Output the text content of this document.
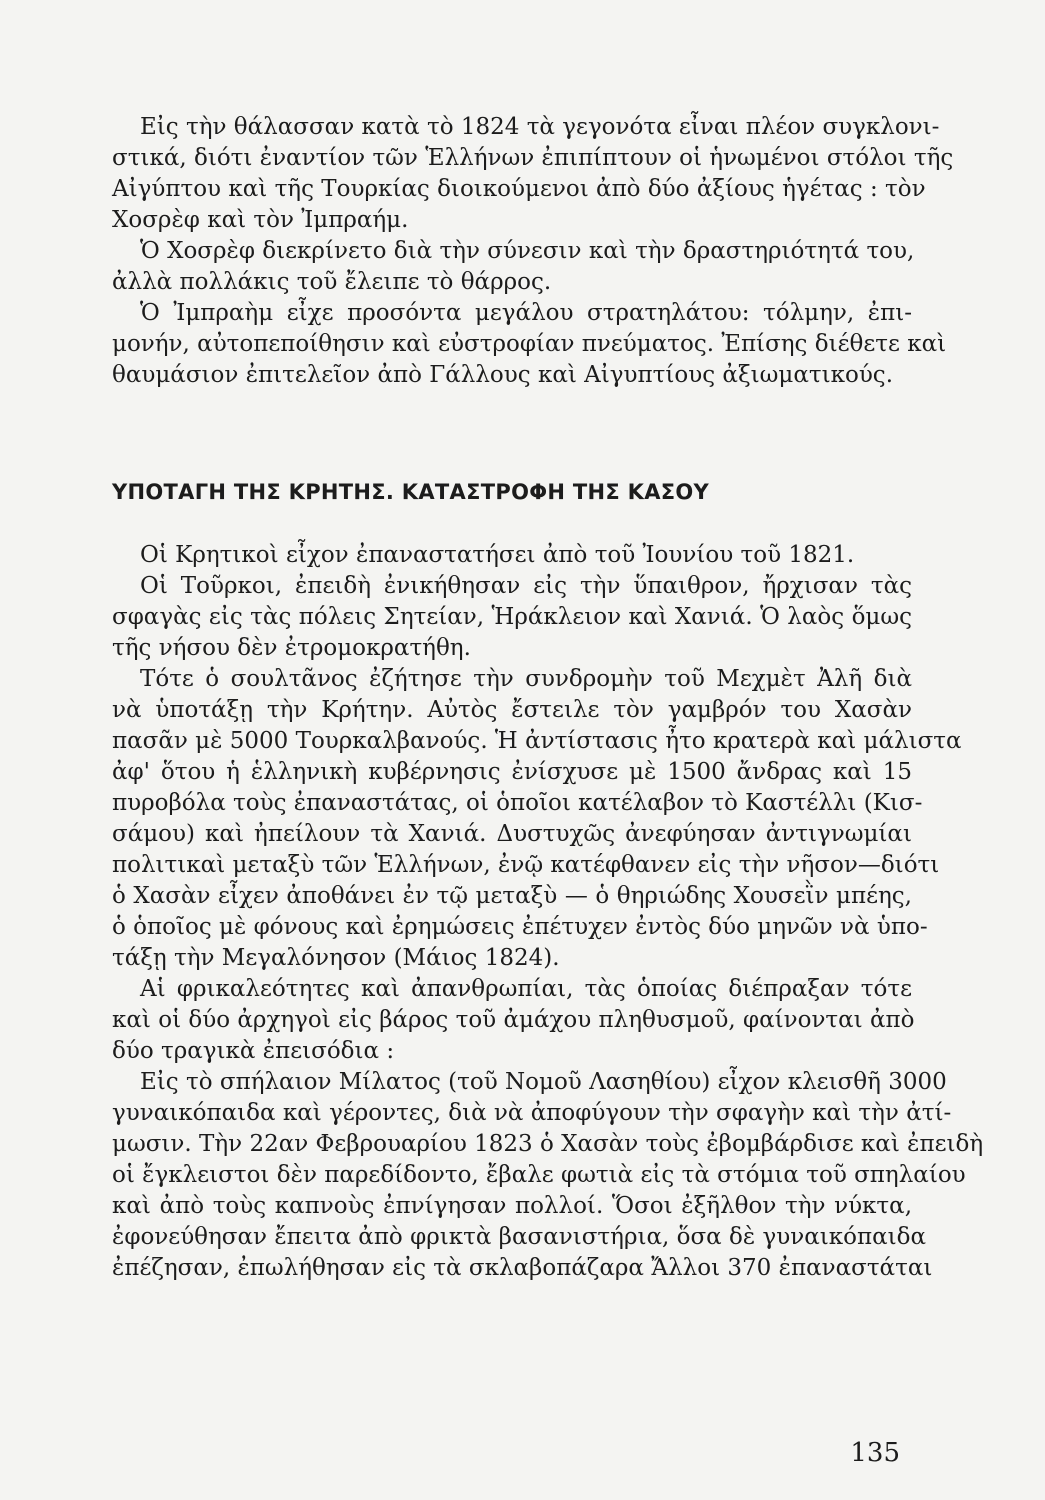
Εἰς τὴν θάλασσαν κατὰ τὸ 1824 τὰ γεγονότα εἶναι πλέον συγκλονι-
στικά, διότι ἐναντίον τῶν Ἑλλήνων ἐπιπίπτουν οἱ ἡνωμένοι στόλοι τῆς
Αἰγύπτου καὶ τῆς Τουρκίας διοικούμενοι ἀπὸ δύο ἀξίους ἡγέτας : τὸν
Χοσρὲφ καὶ τὸν Ἰμπραήμ.
Ὁ Χοσρὲφ διεκρίνετο διὰ τὴν σύνεσιν καὶ τὴν δραστηριότητά του,
ἀλλὰ πολλάκις τοῦ ἔλειπε τὸ θάρρος.
Ὁ Ἰμπραὴμ εἶχε προσόντα μεγάλου στρατηλάτου: τόλμην, ἐπι-
μονήν, αὐτοπεποίθησιν καὶ εὐστροφίαν πνεύματος. Ἐπίσης διέθετε καὶ
θαυμάσιον ἐπιτελεῖον ἀπὸ Γάλλους καὶ Αἰγυπτίους ἀξιωματικούς.
ΥΠΟΤΑΓΗ ΤΗΣ ΚΡΗΤΗΣ. ΚΑΤΑΣΤΡΟΦΗ ΤΗΣ ΚΑΣΟΥ
Οἱ Κρητικοὶ εἶχον ἐπαναστατήσει ἀπὸ τοῦ Ἰουνίου τοῦ 1821.
Οἱ Τοῦρκοι, ἐπειδὴ ἐνικήθησαν εἰς τὴν ὕπαιθρον, ἤρχισαν τὰς
σφαγὰς εἰς τὰς πόλεις Σητείαν, Ἡράκλειον καὶ Χανιά. Ὁ λαὸς ὅμως
τῆς νήσου δὲν ἐτρομοκρατήθη.
Τότε ὁ σουλτᾶνος ἐζήτησε τὴν συνδρομὴν τοῦ Μεχμὲτ Ἀλῆ διὰ
νὰ ὑποτάξῃ τὴν Κρήτην. Αὐτὸς ἔστειλε τὸν γαμβρόν του Χασὰν
πασᾶν μὲ 5000 Τουρκαλβανούς. Ἡ ἀντίστασις ἦτο κρατερὰ καὶ μάλιστα
ἀφ' ὅτου ἡ ἑλληνικὴ κυβέρνησις ἐνίσχυσε μὲ 1500 ἄνδρας καὶ 15
πυροβόλα τοὺς ἐπαναστάτας, οἱ ὁποῖοι κατέλαβον τὸ Καστέλλι (Κισ-
σάμου) καὶ ἠπείλουν τὰ Χανιά. Δυστυχῶς ἀνεφύησαν ἀντιγνωμίαι
πολιτικαὶ μεταξὺ τῶν Ἑλλήνων, ἐνῷ κατέφθανεν εἰς τὴν νῆσον—διότι
ὁ Χασὰν εἶχεν ἀποθάνει ἐν τῷ μεταξὺ — ὁ θηριώδης Χουσεῒν μπέης,
ὁ ὁποῖος μὲ φόνους καὶ ἐρημώσεις ἐπέτυχεν ἐντὸς δύο μηνῶν νὰ ὑπο-
τάξῃ τὴν Μεγαλόνησον (Μάιος 1824).
Αἱ φρικαλεότητες καὶ ἀπανθρωπίαι, τὰς ὁποίας διέπραξαν τότε
καὶ οἱ δύο ἀρχηγοὶ εἰς βάρος τοῦ ἀμάχου πληθυσμοῦ, φαίνονται ἀπὸ
δύο τραγικὰ ἐπεισόδια :
Εἰς τὸ σπήλαιον Μίλατος (τοῦ Νομοῦ Λασηθίου) εἶχον κλεισθῆ 3000
γυναικόπαιδα καὶ γέροντες, διὰ νὰ ἀποφύγουν τὴν σφαγὴν καὶ τὴν ἀτί-
μωσιν. Τὴν 22αν Φεβρουαρίου 1823 ὁ Χασὰν τοὺς ἐβομβάρδισε καὶ ἐπειδὴ
οἱ ἔγκλειστοι δὲν παρεδίδοντο, ἔβαλε φωτιὰ εἰς τὰ στόμια τοῦ σπηλαίου
καὶ ἀπὸ τοὺς καπνοὺς ἐπνίγησαν πολλοί. Ὅσοι ἐξῆλθον τὴν νύκτα,
ἐφονεύθησαν ἔπειτα ἀπὸ φρικτὰ βασανιστήρια, ὅσα δὲ γυναικόπαιδα
ἐπέζησαν, ἐπωλήθησαν εἰς τὰ σκλαβοπάζαρα Ἄλλοι 370 ἐπαναστάται
135
